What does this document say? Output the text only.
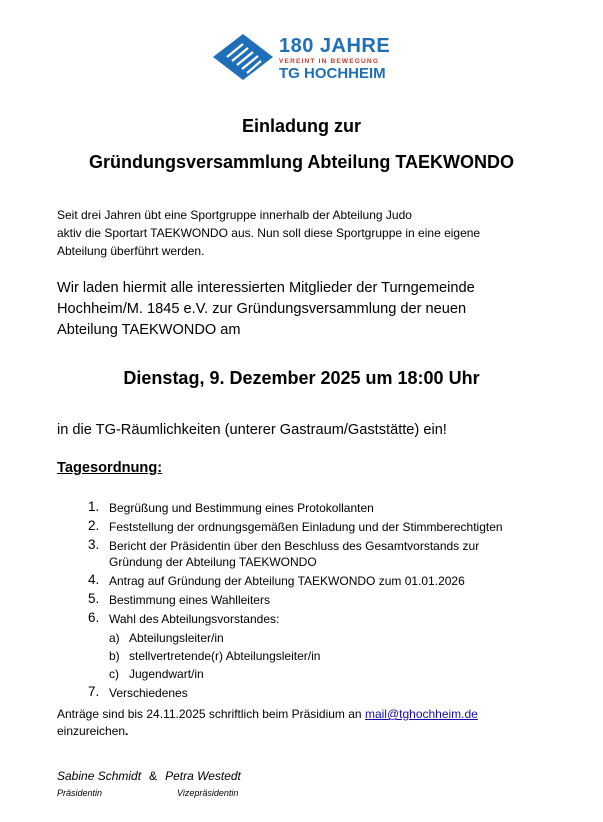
180 JAHRE
VEREINT IN BEWEGUNG
TG HOCHHEIM
Einladung zur
Gründungsversammlung Abteilung TAEKWONDO
Seit drei Jahren übt eine Sportgruppe innerhalb der Abteilung Judo
aktiv die Sportart TAEKWONDO aus. Nun soll diese Sportgruppe in eine eigene
Abteilung überführt werden.
Wir laden hiermit alle interessierten Mitglieder der Turngemeinde
Hochheim/M. 1845 e.V. zur Gründungsversammlung der neuen
Abteilung TAEKWONDO am
Dienstag, 9. Dezember 2025 um 18:00 Uhr
in die TG-Räumlichkeiten (unterer Gastraum/Gaststätte) ein!
Tagesordnung:
1. Begrüßung und Bestimmung eines Protokollanten
2. Feststellung der ordnungsgemäßen Einladung und der Stimmberechtigten
3. Bericht der Präsidentin über den Beschluss des Gesamtvorstands zur
Gründung der Abteilung TAEKWONDO
4. Antrag auf Gründung der Abteilung TAEKWONDO zum 01.01.2026
5. Bestimmung eines Wahlleiters
6. Wahl des Abteilungsvorstandes:
a) Abteilungsleiter/in
b) stellvertretende(r) Abteilungsleiter/in
c) Jugendwart/in
7. Verschiedenes
Anträge sind bis 24.11.2025 schriftlich beim Präsidium an mail@tghochheim.de
einzureichen.
Sabine Schmidt & Petra Westedt
Präsidentin	Vizepräsidentin
